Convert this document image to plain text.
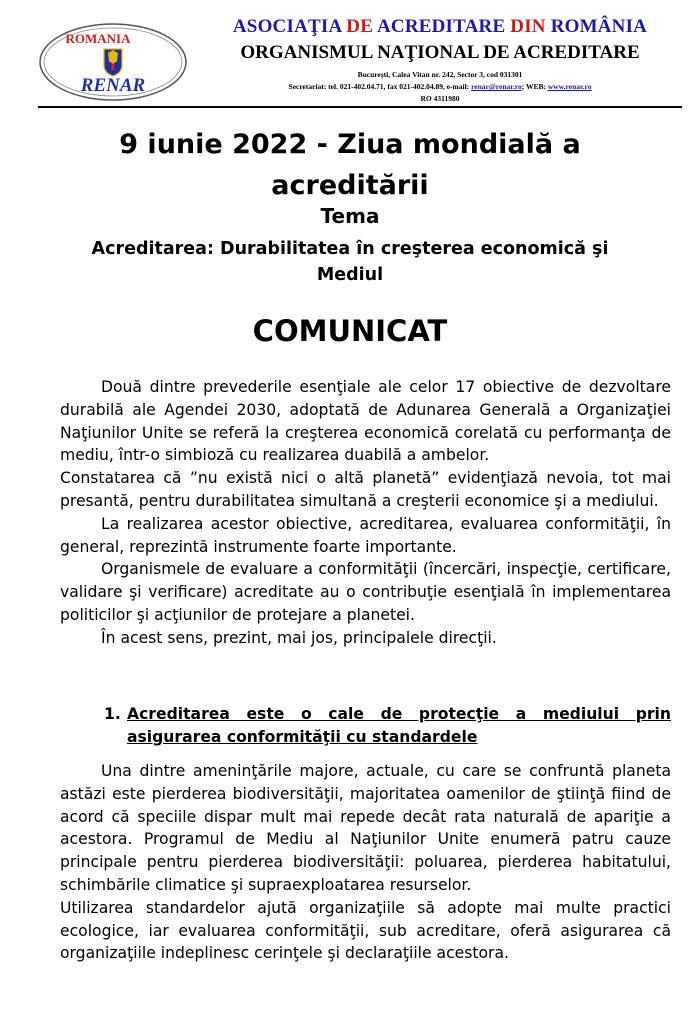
ROMANIA
RENAR
ASOCIAŢIA DE ACREDITARE DIN ROMÂNIA
ORGANISMUL NAŢIONAL DE ACREDITARE
Bucureşti, Calea Vitan nr. 242, Sector 3, cod 031301
Secretariat: tel. 021-402.04.71, fax 021-402.04.89, e-mail: renar@renar.ro; WEB: www.renar.ro
RO 4311980
9 iunie 2022 - Ziua mondială a
acreditării
Tema
Acreditarea: Durabilitatea în creşterea economică şi
Mediul
COMUNICAT

Două dintre prevederile esenţiale ale celor 17 obiective de dezvoltare durabilă ale Agendei 2030, adoptată de Adunarea Generală a Organizaţiei Naţiunilor Unite se referă la creşterea economică corelată cu performanţa de mediu, într-o simbioză cu realizarea duabilă a ambelor.

Constatarea că ”nu există nici o altă planetă” evidenţiază nevoia, tot mai presantă, pentru durabilitatea simultană a creşterii economice şi a mediului.

La realizarea acestor obiective, acreditarea, evaluarea conformităţii, în general, reprezintă instrumente foarte importante.

Organismele de evaluare a conformităţii (încercări, inspecţie, certificare, validare şi verificare) acreditate au o contribuţie esenţială în implementarea politicilor şi acţiunilor de protejare a planetei.

În acest sens, prezint, mai jos, principalele direcţii.

1. Acreditarea este o cale de protecţie a mediului prin asigurarea conformităţii cu standardele

Una dintre ameninţările majore, actuale, cu care se confruntă planeta astăzi este pierderea biodiversităţii, majoritatea oamenilor de ştiinţă fiind de acord că speciile dispar mult mai repede decât rata naturală de apariţie a acestora. Programul de Mediu al Naţiunilor Unite enumeră patru cauze principale pentru pierderea biodiversităţii: poluarea, pierderea habitatului, schimbările climatice şi supraexploatarea resurselor.

Utilizarea standardelor ajută organizaţiile să adopte mai multe practici ecologice, iar evaluarea conformităţii, sub acreditare, oferă asigurarea că organizaţiile indeplinesc cerinţele şi declaraţiile acestora.
